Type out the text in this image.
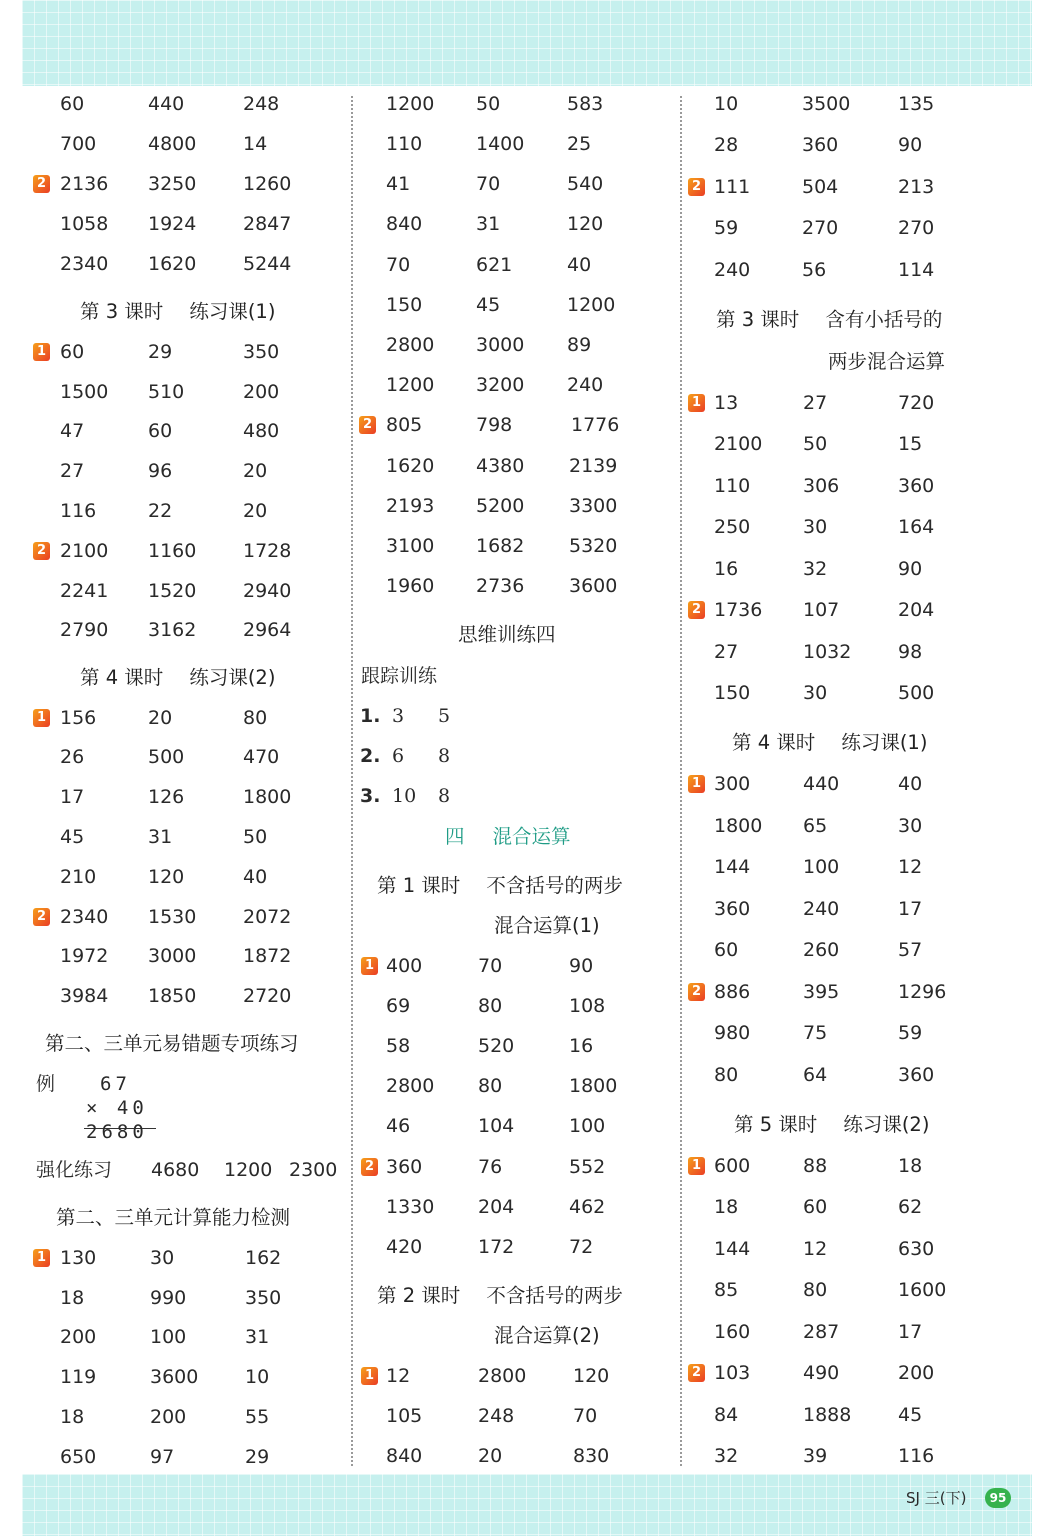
60	440	248
700	4800 14
2 2136 3250 1260
1058 1924 2847
2340 1620 5244
第 3 课时 练习课(1)
1 60	29	350
1500 510	200
47	60	480
27	96	20
116	22	20
2 2100 1160 1728
2241 1520 2940
2790 3162 2964
第 4 课时 练习课(2)
1 156	20	80
26	500	470
17	126	1800
45	31	50
210	120	40
2 2340 1530 2072
1972 3000 1872
3984 1850 2720
第二、三单元易错题专项练习
例 67
× 40
2680
强化练习 4680 1200 2300
第二、三单元计算能力检测
1 130	30	162
18	990	350
200	100	31
119	3600 10
18	200	55
650	97	29
1200 50	583
110	1400 25
41	70	540
840	31	120
70	621	40
150	45	1200
2800 3000 89
1200 3200 240
2 805	798	1776
1620 4380 2139
2193 5200 3300
3100 1682 5320
1960 2736 3600
思维训练四
跟踪训练
1. 3 5
2. 6 8
3. 10 8
四 混合运算
第 1 课时 不含括号的两步
混合运算(1)
1 400	70	90
69	80	108
58	520	16
2800 80	1800
46	104	100
2 360	76	552
1330 204	462
420	172	72
第 2 课时 不含括号的两步
混合运算(2)
1 12	2800 120
105	248	70
840	20	830
10	3500	135
28	360	90
2 111	504	213
59	270	270
240	56	114
第 3 课时 含有小括号的
两步混合运算
1 13	27	720
2100 50	15
110	306	360
250	30	164
16	32	90
2 1736 107	204
27	1032 98
150	30	500
第 4 课时 练习课(1)
1 300	440	40
1800 65	30
144	100	12
360	240	17
60	260	57
2 886	395	1296
980	75	59
80	64	360
第 5 课时 练习课(2)
1 600	88	18
18	60	62
144	12	630
85	80	1600
160	287	17
2 103	490	200
84	1888 45
32	39	116
SJ 三(下)	95
